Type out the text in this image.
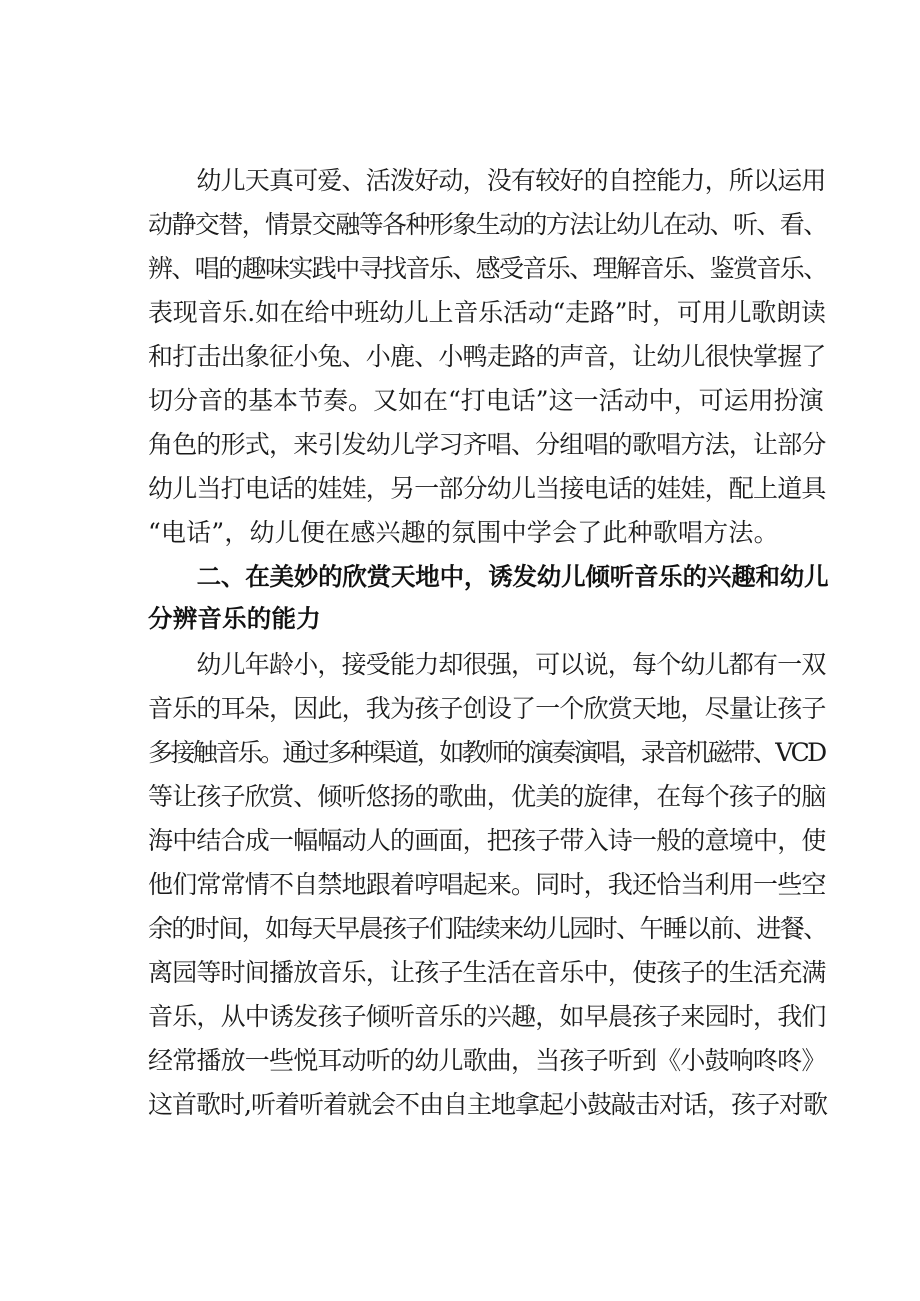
　　幼儿天真可爱、活泼好动，没有较好的自控能力，所以运用
动静交替，情景交融等各种形象生动的方法让幼儿在动、听、看、
辨、唱的趣味实践中寻找音乐、感受音乐、理解音乐、鉴赏音乐、
表现音乐.如在给中班幼儿上音乐活动“走路”时，可用儿歌朗读
和打击出象征小兔、小鹿、小鸭走路的声音，让幼儿很快掌握了
切分音的基本节奏。又如在“打电话”这一活动中，可运用扮演
角色的形式，来引发幼儿学习齐唱、分组唱的歌唱方法，让部分
幼儿当打电话的娃娃，另一部分幼儿当接电话的娃娃，配上道具
“电话”，幼儿便在感兴趣的氛围中学会了此种歌唱方法。
　　二、在美妙的欣赏天地中，诱发幼儿倾听音乐的兴趣和幼儿
分辨音乐的能力
　　幼儿年龄小，接受能力却很强，可以说，每个幼儿都有一双
音乐的耳朵，因此，我为孩子创设了一个欣赏天地，尽量让孩子
多接触音乐。通过多种渠道，如教师的演奏演唱，录音机磁带、VCD
等让孩子欣赏、倾听悠扬的歌曲，优美的旋律，在每个孩子的脑
海中结合成一幅幅动人的画面，把孩子带入诗一般的意境中，使
他们常常情不自禁地跟着哼唱起来。同时，我还恰当利用一些空
余的时间，如每天早晨孩子们陆续来幼儿园时、午睡以前、进餐、
离园等时间播放音乐，让孩子生活在音乐中，使孩子的生活充满
音乐，从中诱发孩子倾听音乐的兴趣，如早晨孩子来园时，我们
经常播放一些悦耳动听的幼儿歌曲，当孩子听到《小鼓响咚咚》
这首歌时,听着听着就会不由自主地拿起小鼓敲击对话，孩子对歌
